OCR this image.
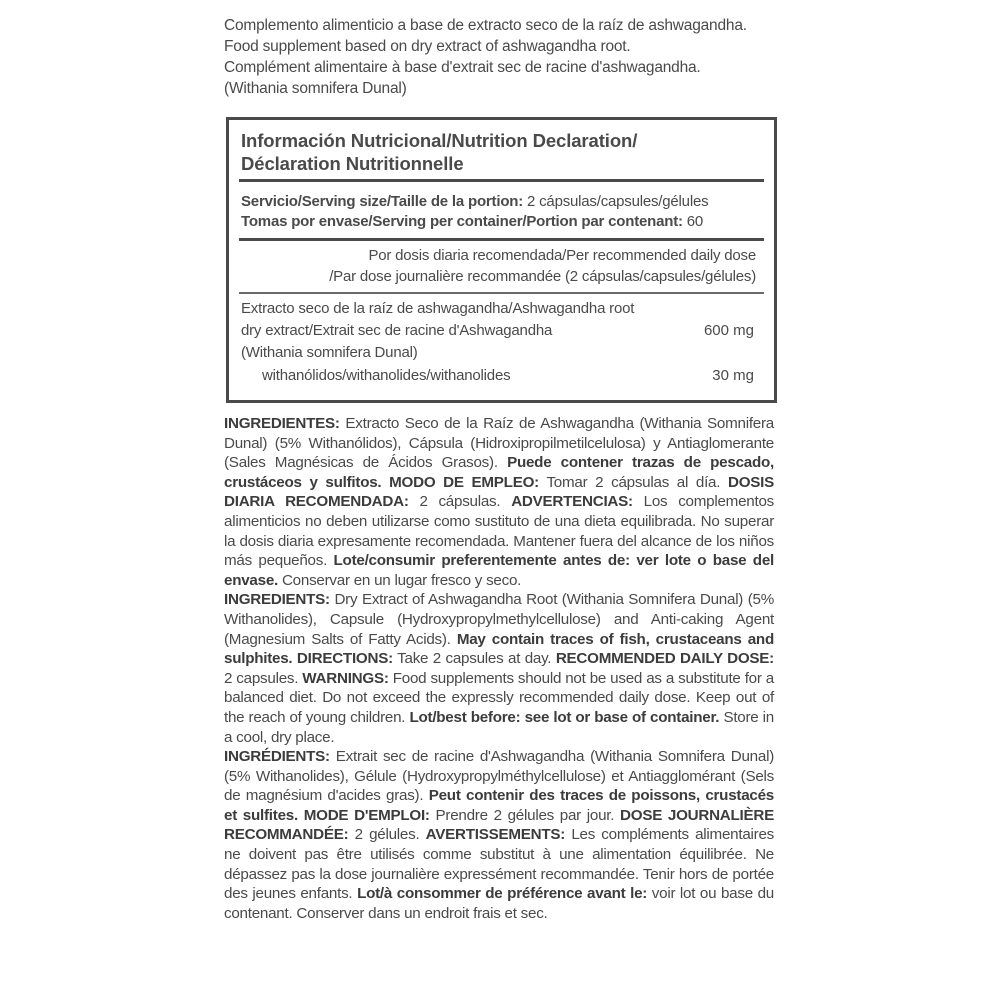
Complemento alimenticio a base de extracto seco de la raíz de ashwagandha.
Food supplement based on dry extract of ashwagandha root.
Complément alimentaire à base d'extrait sec de racine d'ashwagandha.
(Withania somnifera Dunal)
Información Nutricional/Nutrition Declaration/
Déclaration Nutritionnelle
Servicio/Serving size/Taille de la portion: 2 cápsulas/capsules/gélules
Tomas por envase/Serving per container/Portion par contenant: 60
Por dosis diaria recomendada/Per recommended daily dose
/Par dose journalière recommandée (2 cápsulas/capsules/gélules)
Extracto seco de la raíz de ashwagandha/Ashwagandha root
dry extract/Extrait sec de racine d'Ashwagandha	600 mg
(Withania somnifera Dunal)
withanólidos/withanolides/withanolides	30 mg

INGREDIENTES: Extracto Seco de la Raíz de Ashwagandha (Withania Somnifera Dunal) (5% Withanólidos), Cápsula (Hidroxipropilmetilcelulosa) y Antiaglomerante (Sales Magnésicas de Ácidos Grasos). Puede contener trazas de pescado, crustáceos y sulfitos. MODO DE EMPLEO: Tomar 2 cápsulas al día. DOSIS DIARIA RECOMENDADA: 2 cápsulas. ADVERTENCIAS: Los complementos alimenticios no deben utilizarse como sustituto de una dieta equilibrada. No superar la dosis diaria expresamente recomendada. Mantener fuera del alcance de los niños más pequeños. Lote/consumir preferentemente antes de: ver lote o base del envase. Conservar en un lugar fresco y seco.

INGREDIENTS: Dry Extract of Ashwagandha Root (Withania Somnifera Dunal) (5% Withanolides), Capsule (Hydroxypropylmethylcellulose) and Anti-caking Agent (Magnesium Salts of Fatty Acids). May contain traces of fish, crustaceans and sulphites. DIRECTIONS: Take 2 capsules at day. RECOMMENDED DAILY DOSE: 2 capsules. WARNINGS: Food supplements should not be used as a substitute for a balanced diet. Do not exceed the expressly recommended daily dose. Keep out of the reach of young children. Lot/best before: see lot or base of container. Store in a cool, dry place.

INGRÉDIENTS: Extrait sec de racine d'Ashwagandha (Withania Somnifera Dunal) (5% Withanolides), Gélule (Hydroxypropylméthylcellulose) et Antiagglomérant (Sels de magnésium d'acides gras). Peut contenir des traces de poissons, crustacés et sulfites. MODE D'EMPLOI: Prendre 2 gélules par jour. DOSE JOURNALIÈRE RECOMMANDÉE: 2 gélules. AVERTISSEMENTS: Les compléments alimentaires ne doivent pas être utilisés comme substitut à une alimentation équilibrée. Ne dépassez pas la dose journalière expressément recommandée. Tenir hors de portée des jeunes enfants. Lot/à consommer de préférence avant le: voir lot ou base du contenant. Conserver dans un endroit frais et sec.
